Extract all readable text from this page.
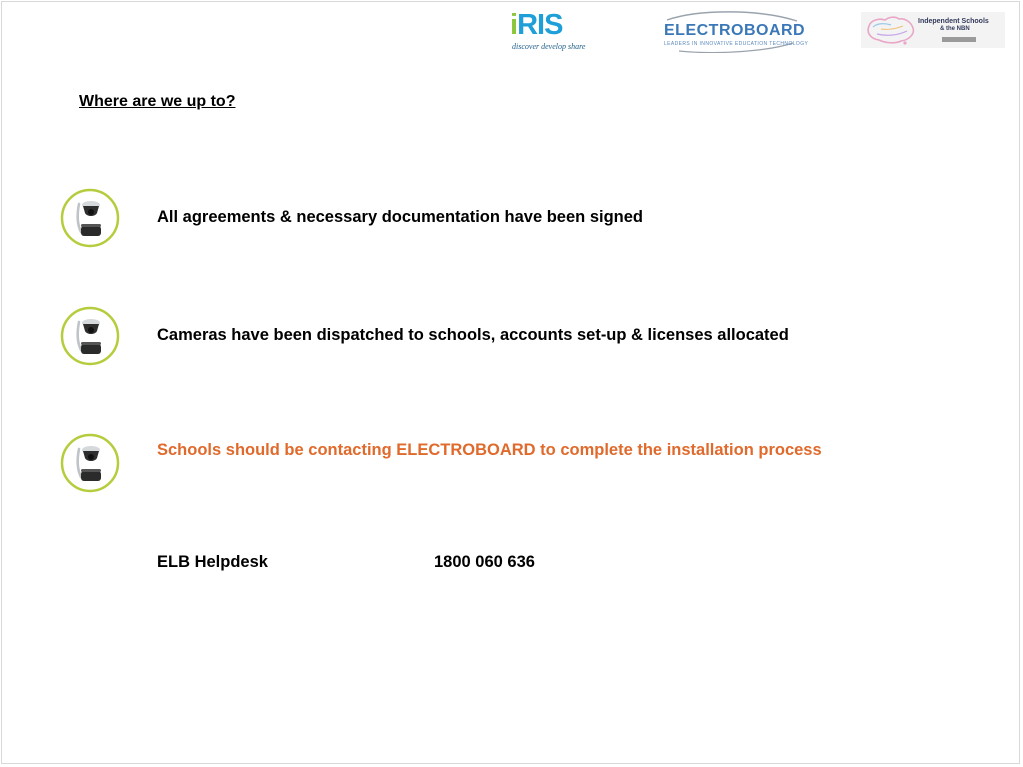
iRIS
discover develop share
ELECTROBOARD
LEADERS IN INNOVATIVE EDUCATION TECHNOLOGY
Independent Schools
& the NBN
Where are we up to?
All agreements & necessary documentation have been signed
Cameras have been dispatched to schools, accounts set-up & licenses allocated
Schools should be contacting ELECTROBOARD to complete the installation process
ELB Helpdesk	1800 060 636
